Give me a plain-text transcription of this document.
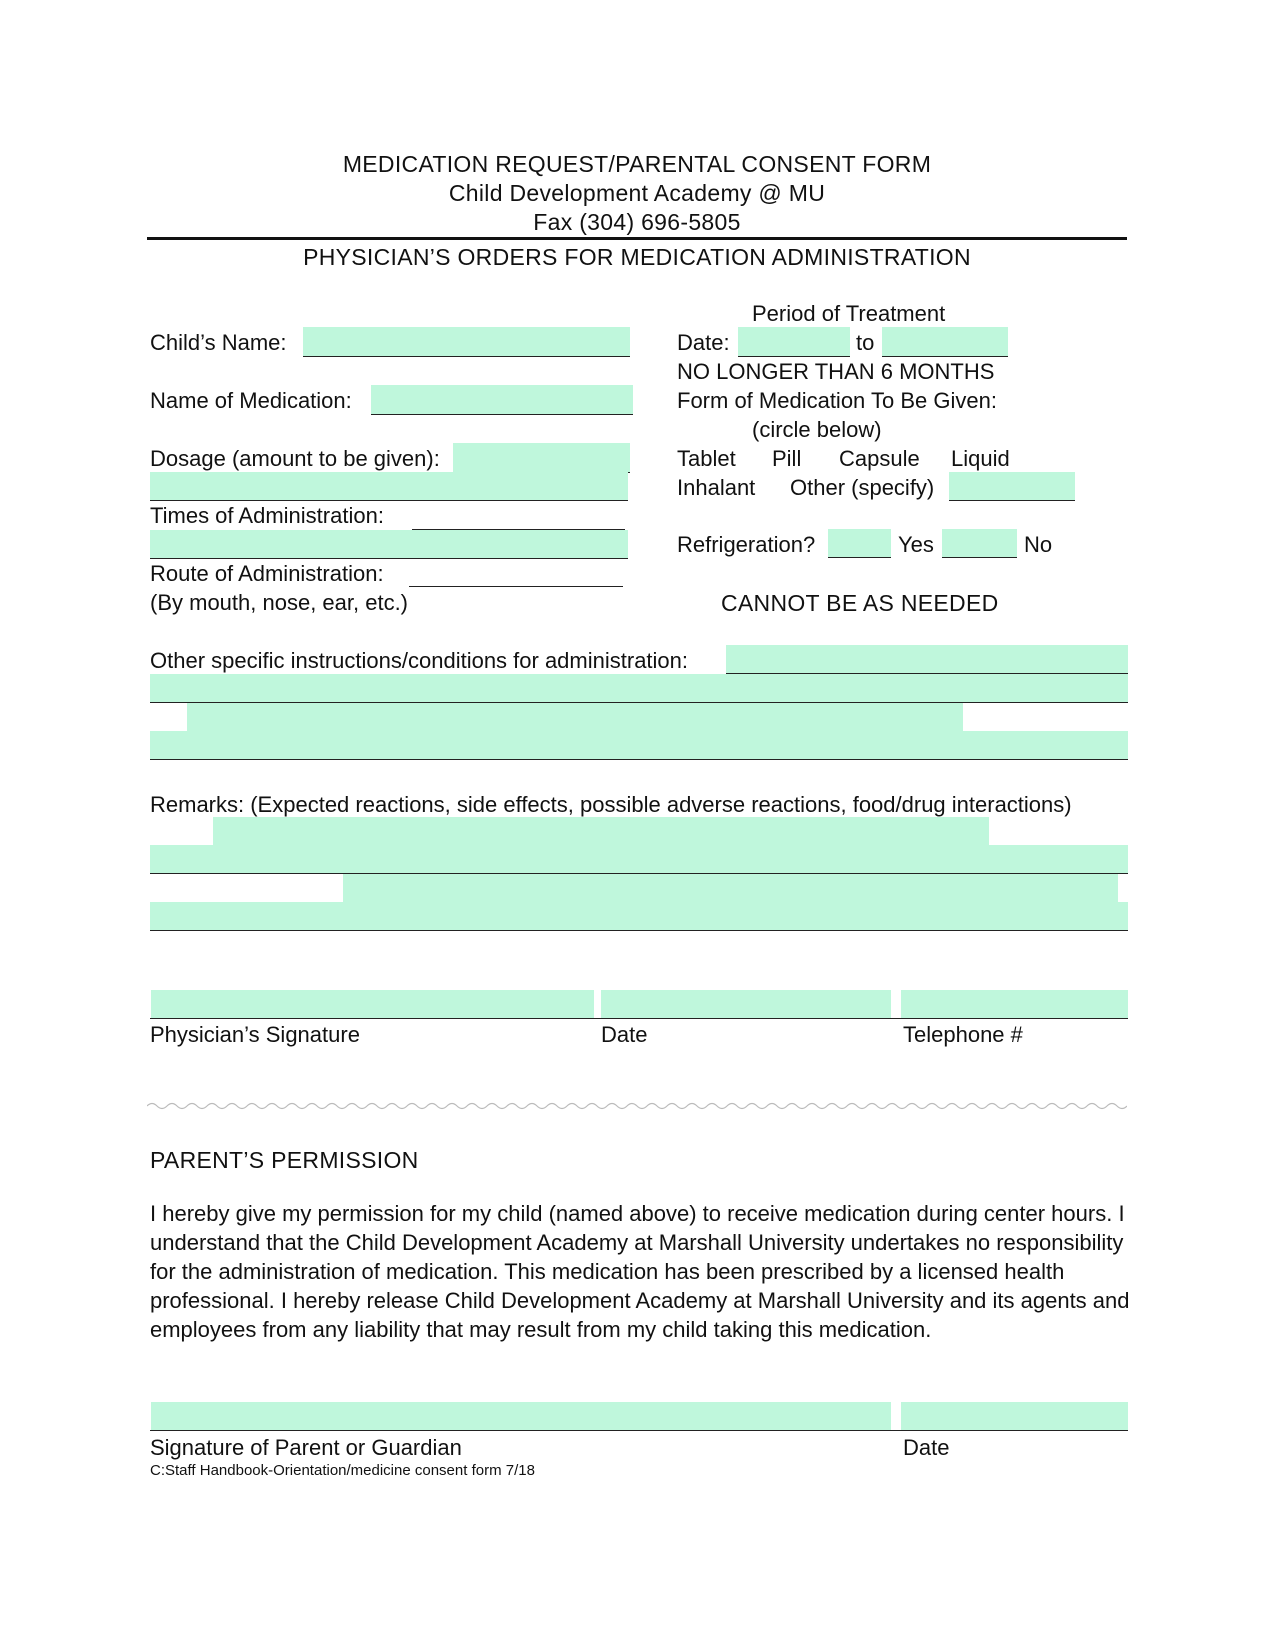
MEDICATION REQUEST/PARENTAL CONSENT FORM
Child Development Academy @ MU
Fax (304) 696-5805
PHYSICIAN’S ORDERS FOR MEDICATION ADMINISTRATION
Child’s Name:
Name of Medication:
Dosage (amount to be given):
Times of Administration:
Route of Administration:
(By mouth, nose, ear, etc.)
Period of Treatment
Date:	to
NO LONGER THAN 6 MONTHS
Form of Medication To Be Given:
(circle below)
Tablet Pill Capsule Liquid
Inhalant Other (specify)
Refrigeration?	Yes	No
CANNOT BE AS NEEDED
Other specific instructions/conditions for administration:
Remarks: (Expected reactions, side effects, possible adverse reactions, food/drug interactions)
Physician’s Signature	Date	Telephone #
PARENT’S PERMISSION
I hereby give my permission for my child (named above) to receive medication during center hours. I understand that the Child Development Academy at Marshall University undertakes no responsibility for the administration of medication. This medication has been prescribed by a licensed health professional. I hereby release Child Development Academy at Marshall University and its agents and employees from any liability that may result from my child taking this medication.
Signature of Parent or Guardian	Date
C:Staff Handbook-Orientation/medicine consent form 7/18
